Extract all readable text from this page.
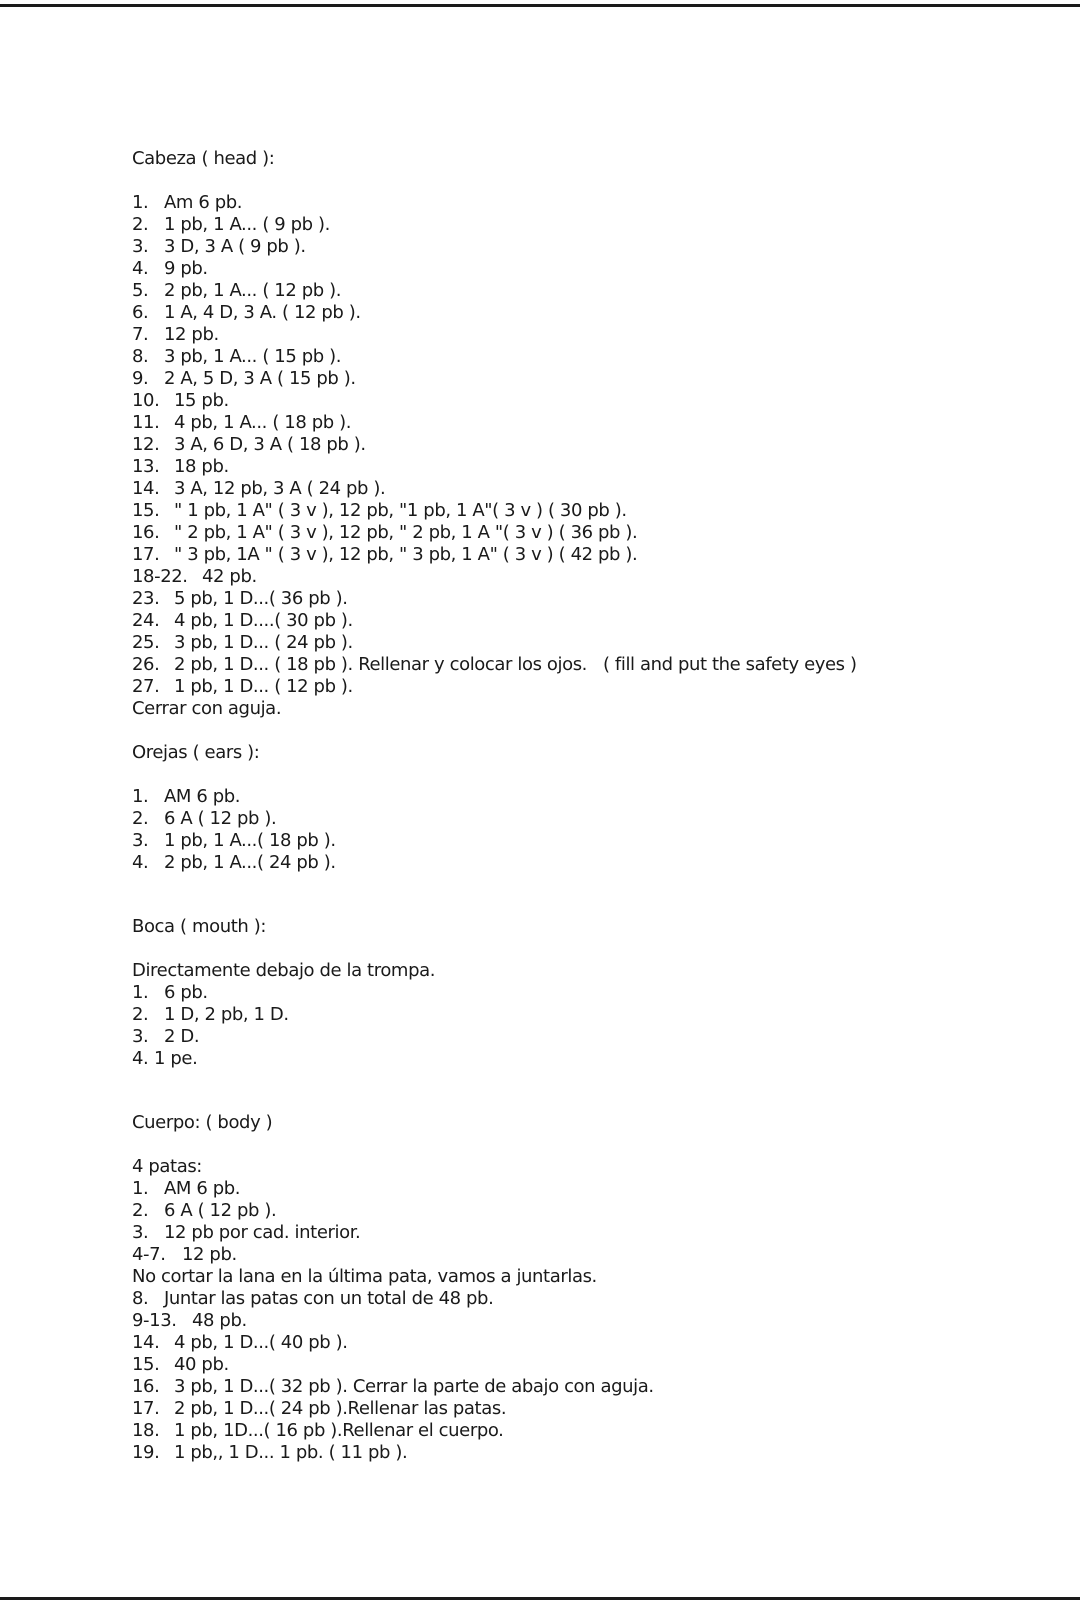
Cabeza ( head ):

1. Am 6 pb.

2. 1 pb, 1 A... ( 9 pb ).

3. 3 D, 3 A ( 9 pb ).

4. 9 pb.

5. 2 pb, 1 A... ( 12 pb ).

6. 1 A, 4 D, 3 A. ( 12 pb ).

7. 12 pb.

8. 3 pb, 1 A... ( 15 pb ).

9. 2 A, 5 D, 3 A ( 15 pb ).

10. 15 pb.

11. 4 pb, 1 A... ( 18 pb ).

12. 3 A, 6 D, 3 A ( 18 pb ).

13. 18 pb.

14. 3 A, 12 pb, 3 A ( 24 pb ).

15. " 1 pb, 1 A" ( 3 v ), 12 pb, "1 pb, 1 A"( 3 v ) ( 30 pb ).

16. " 2 pb, 1 A" ( 3 v ), 12 pb, " 2 pb, 1 A "( 3 v ) ( 36 pb ).

17. " 3 pb, 1A " ( 3 v ), 12 pb, " 3 pb, 1 A" ( 3 v ) ( 42 pb ).

18-22. 42 pb.

23. 5 pb, 1 D...( 36 pb ).

24. 4 pb, 1 D....( 30 pb ).

25. 3 pb, 1 D... ( 24 pb ).

26. 2 pb, 1 D... ( 18 pb ). Rellenar y colocar los ojos.   ( fill and put the safety eyes )

27. 1 pb, 1 D... ( 12 pb ).

Cerrar con aguja.

Orejas ( ears ):

1. AM 6 pb.

2. 6 A ( 12 pb ).

3. 1 pb, 1 A...( 18 pb ).

4. 2 pb, 1 A...( 24 pb ).

Boca ( mouth ):

Directamente debajo de la trompa.

1. 6 pb.

2. 1 D, 2 pb, 1 D.

3. 2 D.

4. 1 pe.

Cuerpo: ( body )

4 patas:

1. AM 6 pb.

2. 6 A ( 12 pb ).

3. 12 pb por cad. interior.

4-7. 12 pb.

No cortar la lana en la última pata, vamos a juntarlas.

8. Juntar las patas con un total de 48 pb.

9-13. 48 pb.

14. 4 pb, 1 D...( 40 pb ).

15. 40 pb.

16. 3 pb, 1 D...( 32 pb ). Cerrar la parte de abajo con aguja.

17. 2 pb, 1 D...( 24 pb ).Rellenar las patas.

18. 1 pb, 1D...( 16 pb ).Rellenar el cuerpo.

19. 1 pb,, 1 D... 1 pb. ( 11 pb ).
